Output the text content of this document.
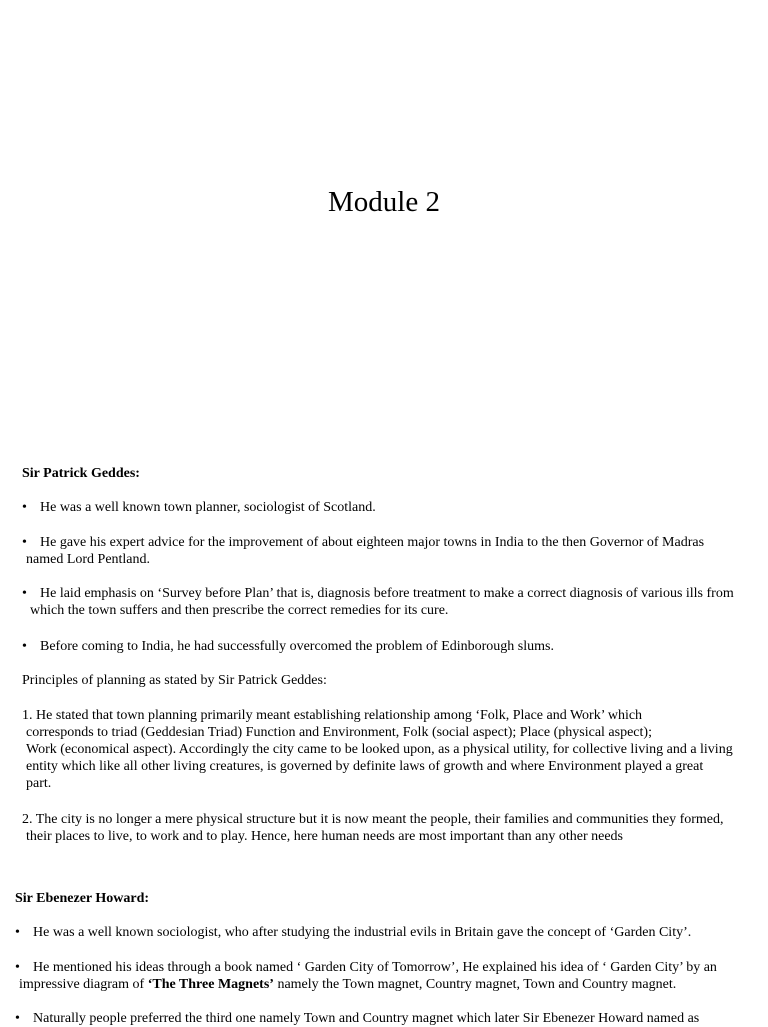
Module 2
Sir Patrick Geddes:
• He was a well known town planner, sociologist of Scotland.
• He gave his expert advice for the improvement of about eighteen major towns in India to the then Governor of Madras
named Lord Pentland.
• He laid emphasis on ‘Survey before Plan’ that is, diagnosis before treatment to make a correct diagnosis of various ills from
which the town suffers and then prescribe the correct remedies for its cure.
• Before coming to India, he had successfully overcomed the problem of Edinborough slums.
Principles of planning as stated by Sir Patrick Geddes:
1. He stated that town planning primarily meant establishing relationship among ‘Folk, Place and Work’ which
corresponds to triad (Geddesian Triad) Function and Environment, Folk (social aspect); Place (physical aspect);
Work (economical aspect). Accordingly the city came to be looked upon, as a physical utility, for collective living and a living
entity which like all other living creatures, is governed by definite laws of growth and where Environment played a great
part.
2. The city is no longer a mere physical structure but it is now meant the people, their families and communities they formed,
their places to live, to work and to play. Hence, here human needs are most important than any other needs
Sir Ebenezer Howard:
• He was a well known sociologist, who after studying the industrial evils in Britain gave the concept of ‘Garden City’.
• He mentioned his ideas through a book named ‘ Garden City of Tomorrow’, He explained his idea of ‘ Garden City’ by an
impressive diagram of ‘The Three Magnets’ namely the Town magnet, Country magnet, Town and Country magnet.
• Naturally people preferred the third one namely Town and Country magnet which later Sir Ebenezer Howard named as
